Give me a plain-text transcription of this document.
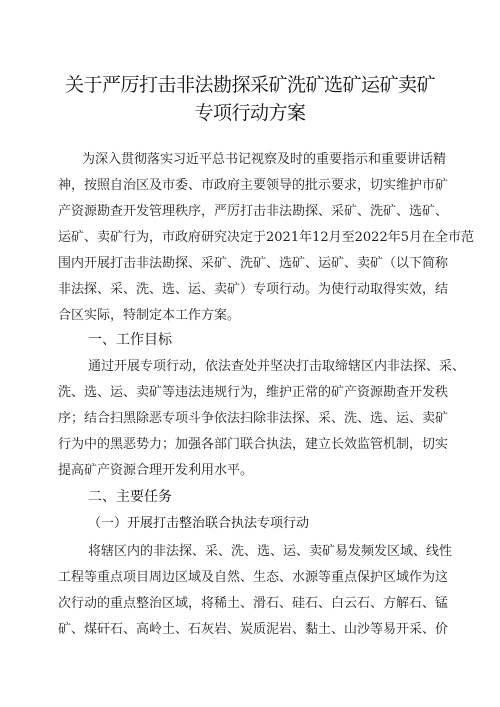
关于严厉打击非法勘探采矿洗矿选矿运矿卖矿
专项行动方案
为深入贯彻落实习近平总书记视察及时的重要指示和重要讲话精
神，按照自治区及市委、市政府主要领导的批示要求，切实维护市矿
产资源勘查开发管理秩序，严厉打击非法勘探、采矿、洗矿、选矿、
运矿、卖矿行为，市政府研究决定于2021年12月至2022年5月在全市范
围内开展打击非法勘探、采矿、洗矿、选矿、运矿、卖矿（以下简称
非法探、采、洗、选、运、卖矿）专项行动。为使行动取得实效，结
合区实际，特制定本工作方案。
一、工作目标
通过开展专项行动，依法查处并坚决打击取缔辖区内非法探、采、
洗、选、运、卖矿等违法违规行为，维护正常的矿产资源勘查开发秩
序；结合扫黑除恶专项斗争依法扫除非法探、采、洗、选、运、卖矿
行为中的黑恶势力；加强各部门联合执法，建立长效监管机制，切实
提高矿产资源合理开发利用水平。
二、主要任务
（一）开展打击整治联合执法专项行动
将辖区内的非法探、采、洗、选、运、卖矿易发频发区域、线性
工程等重点项目周边区域及自然、生态、水源等重点保护区域作为这
次行动的重点整治区域，将稀土、滑石、硅石、白云石、方解石、锰
矿、煤矸石、高岭土、石灰岩、炭质泥岩、黏土、山沙等易开采、价
